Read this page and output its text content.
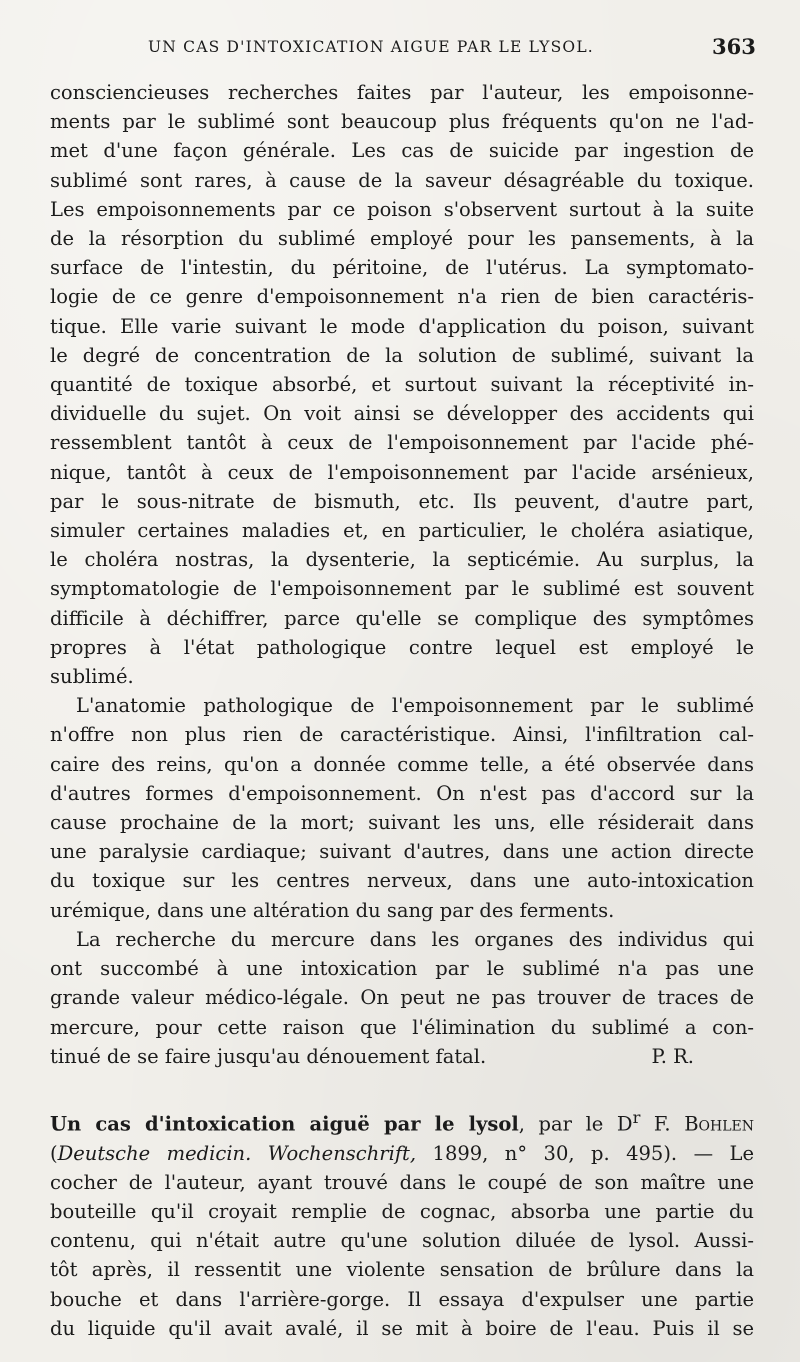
UN CAS D'INTOXICATION AIGUE PAR LE LYSOL.	363
conscienciеuses recherches faites par l'auteur, les empoisonne-
ments par le sublimé sont beaucoup plus fréquents qu'on ne l'ad-
met d'une façon générale. Les cas de suicide par ingestion de
sublimé sont rares, à cause de la saveur désagréable du toxique.
Les empoisonnements par ce poison s'observent surtout à la suite
de la résorption du sublimé employé pour les pansements, à la
surface de l'intestin, du péritoine, de l'utérus. La symptomato-
logie de ce genre d'empoisonnement n'a rien de bien caractéris-
tique. Elle varie suivant le mode d'application du poison, suivant
le degré de concentration de la solution de sublimé, suivant la
quantité de toxique absorbé, et surtout suivant la réceptivité in-
dividuelle du sujet. On voit ainsi se développer des accidents qui
ressemblent tantôt à ceux de l'empoisonnement par l'acide phé-
nique, tantôt à ceux de l'empoisonnement par l'acide arsénieux,
par le sous-nitrate de bismuth, etc. Ils peuvent, d'autre part,
simuler certaines maladies et, en particulier, le choléra asiatique,
le choléra nostras, la dysenterie, la septicémie. Au surplus, la
symptomatologie de l'empoisonnement par le sublimé est souvent
difficile à déchiffrer, parce qu'elle se complique des symptômes
propres à l'état pathologique contre lequel est employé le
sublimé.
L'anatomie pathologique de l'empoisonnement par le sublimé
n'offre non plus rien de caractéristique. Ainsi, l'infiltration cal-
caire des reins, qu'on a donnée comme telle, a été observée dans
d'autres formes d'empoisonnement. On n'est pas d'accord sur la
cause prochaine de la mort; suivant les uns, elle résiderait dans
une paralysie cardiaque; suivant d'autres, dans une action directe
du toxique sur les centres nerveux, dans une auto-intoxication
urémique, dans une altération du sang par des ferments.
La recherche du mercure dans les organes des individus qui
ont succombé à une intoxication par le sublimé n'a pas une
grande valeur médico-légale. On peut ne pas trouver de traces de
mercure, pour cette raison que l'élimination du sublimé a con-
tinué de se faire jusqu'au dénouement fatal.	P. R.
Un cas d'intoxication aiguë par le lysol, par le $D^r$ F. Bohlen
(Deutsche medicin. Wochenschrift, 1899, n° 30, p. 495). — Le
cocher de l'auteur, ayant trouvé dans le coupé de son maître une
bouteille qu'il croyait remplie de cognac, absorba une partie du
contenu, qui n'était autre qu'une solution diluée de lysol. Aussi-
tôt après, il ressentit une violente sensation de brûlure dans la
bouche et dans l'arrière-gorge. Il essaya d'expulser une partie
du liquide qu'il avait avalé, il se mit à boire de l'eau. Puis il se
